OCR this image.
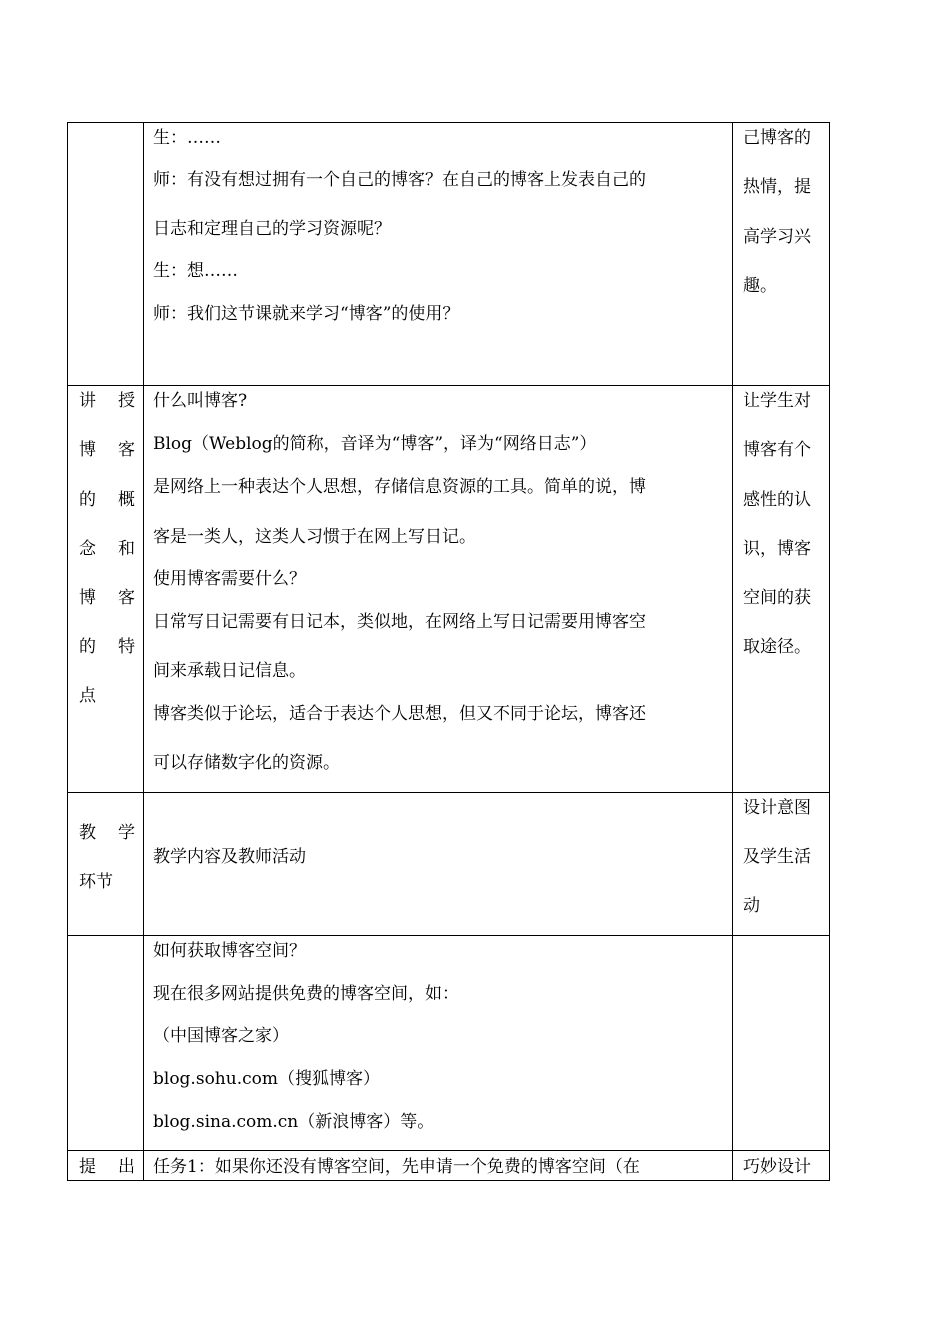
生：……
师：有没有想过拥有一个自己的博客？在自己的博客上发表自己的
日志和定理自己的学习资源呢？
生：想……
师：我们这节课就来学习“博客”的使用？
己博客的
热情，提
高学习兴
趣。
讲 授
博 客
的 概
念 和
博 客
的 特
点
什么叫博客?
Blog（Weblog的简称，音译为“博客”，译为“网络日志”）
是网络上一种表达个人思想，存储信息资源的工具。简单的说，博
客是一类人，这类人习惯于在网上写日记。
使用博客需要什么？
日常写日记需要有日记本，类似地，在网络上写日记需要用博客空
间来承载日记信息。
博客类似于论坛，适合于表达个人思想，但又不同于论坛，博客还
可以存储数字化的资源。
让学生对
博客有个
感性的认
识，博客
空间的获
取途径。
教 学
环节
教学内容及教师活动
设计意图
及学生活
动
如何获取博客空间？
现在很多网站提供免费的博客空间，如：
（中国博客之家）
blog.sohu.com（搜狐博客）
blog.sina.com.cn（新浪博客）等。
提 出 任务1：如果你还没有博客空间，先申请一个免费的博客空间（在	巧妙设计
